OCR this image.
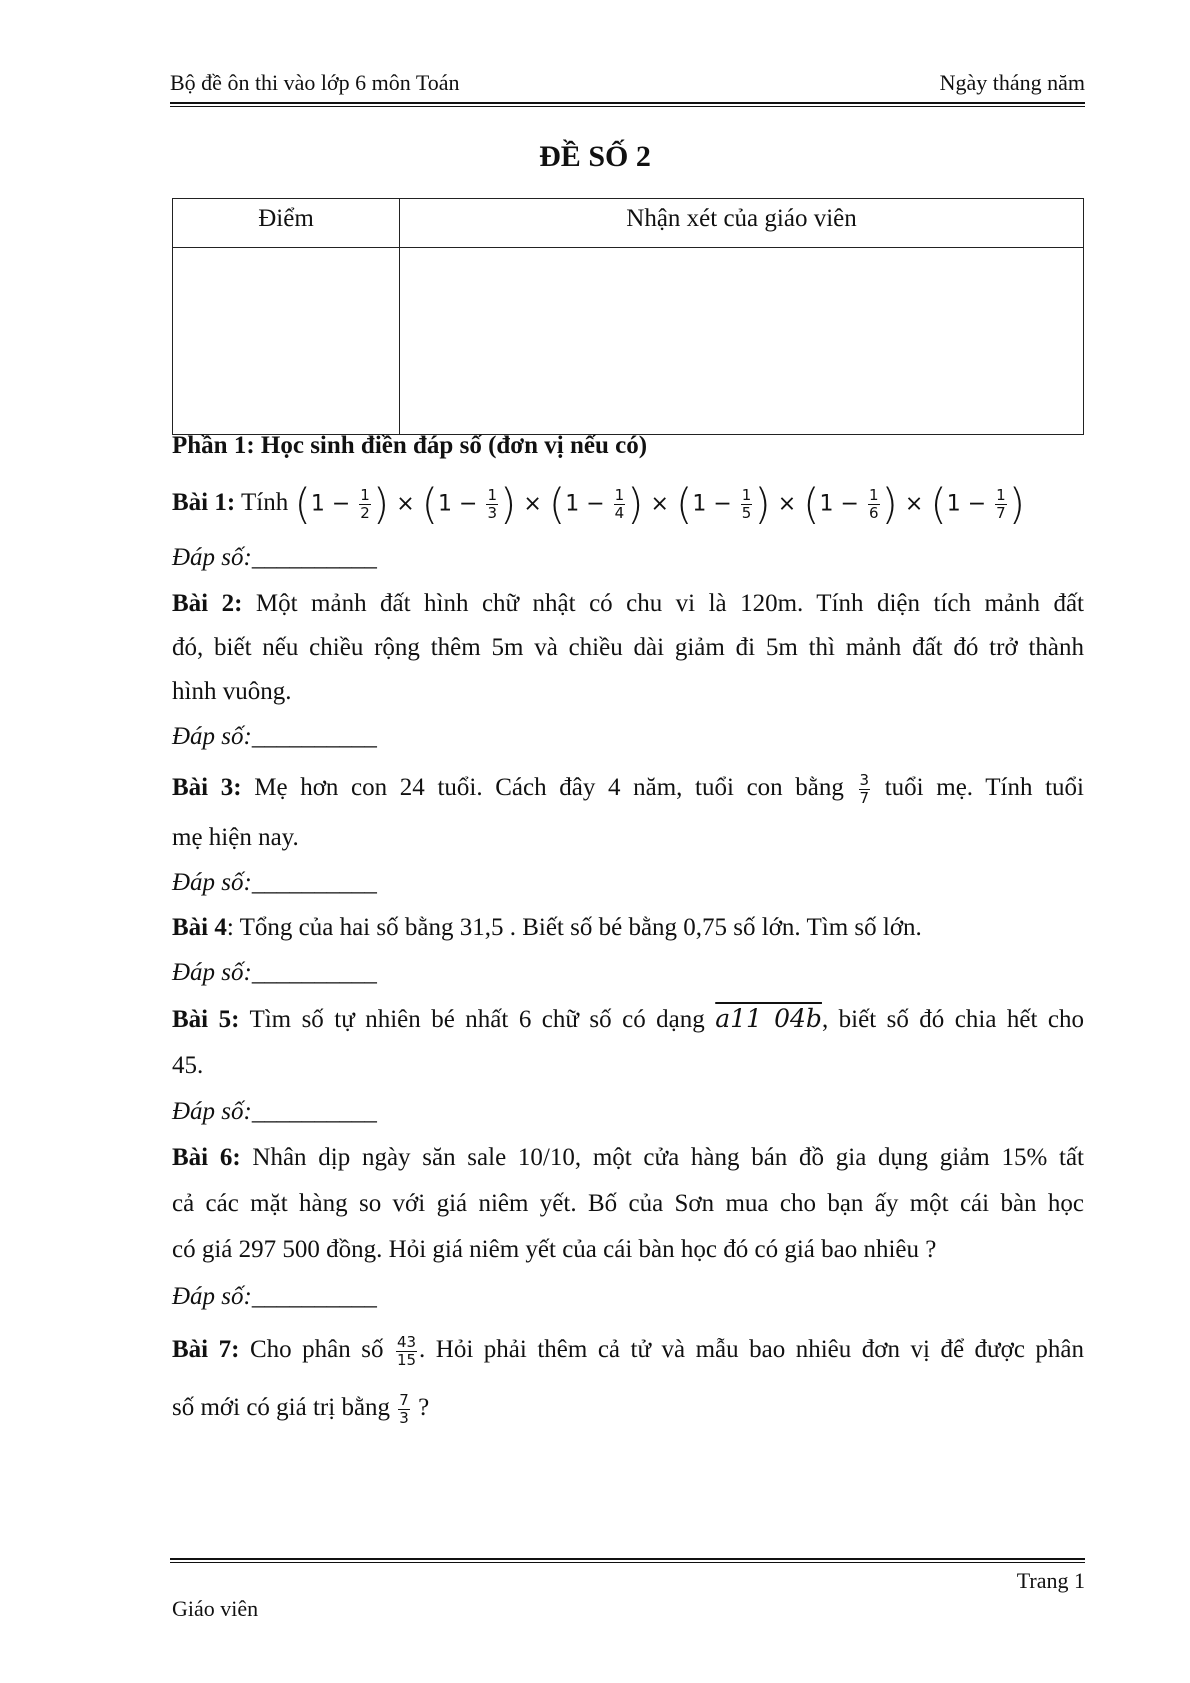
Bộ đề ôn thi vào lớp 6 môn Toán	Ngày tháng năm
ĐỀ SỐ 2
Điểm	Nhận xét của giáo viên

Phần 1: Học sinh điền đáp số (đơn vị nếu có)
Bài 1: Tính ($1 - \frac{1}{2}$ ) × ($1 - \frac{1}{3}$ ) × ($1 - \frac{1}{4}$ ) × ($1 - \frac{1}{5}$ ) × ($1 - \frac{1}{6}$ ) × ($1 - \frac{1}{7}$ )
Đáp số:__________
Bài 2: Một mảnh đất hình chữ nhật có chu vi là 120m. Tính diện tích mảnh đất
đó, biết nếu chiều rộng thêm 5m và chiều dài giảm đi 5m thì mảnh đất đó trở thành
hình vuông.
Đáp số:__________
Bài 3: Mẹ hơn con 24 tuổi. Cách đây 4 năm, tuổi con bằng $\frac{3}{7}$ tuổi mẹ. Tính tuổi
mẹ hiện nay.
Đáp số:__________
Bài 4: Tổng của hai số bằng 31,5 . Biết số bé bằng 0,75 số lớn. Tìm số lớn.
Đáp số:__________
Bài 5: Tìm số tự nhiên bé nhất 6 chữ số có dạng a11 04b, biết số đó chia hết cho
45.
Đáp số:__________
Bài 6: Nhân dịp ngày săn sale 10/10, một cửa hàng bán đồ gia dụng giảm 15% tất
cả các mặt hàng so với giá niêm yết. Bố của Sơn mua cho bạn ấy một cái bàn học
có giá 297 500 đồng. Hỏi giá niêm yết của cái bàn học đó có giá bao nhiêu ?
Đáp số:__________
Bài 7: Cho phân số $\frac{43}{15}$ . Hỏi phải thêm cả tử và mẫu bao nhiêu đơn vị để được phân
số mới có giá trị bằng $\frac{7}{3}$ ?
Trang 1
Giáo viên
